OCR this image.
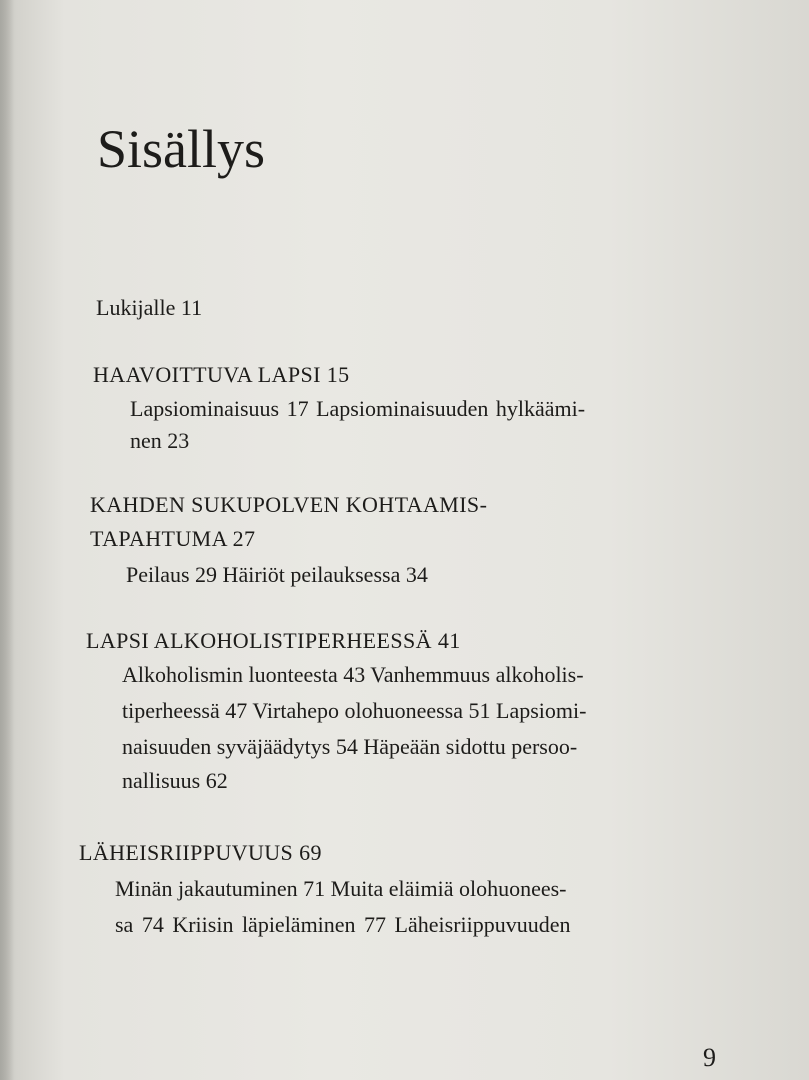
Sisällys
Lukijalle 11
HAAVOITTUVA LAPSI 15
Lapsiominaisuus 17 Lapsiominaisuuden hylkäämi-
nen 23
KAHDEN SUKUPOLVEN KOHTAAMIS-
TAPAHTUMA 27
Peilaus 29 Häiriöt peilauksessa 34
LAPSI ALKOHOLISTIPERHEESSÄ 41
Alkoholismin luonteesta 43 Vanhemmuus alkoholis-
tiperheessä 47 Virtahepo olohuoneessa 51 Lapsiomi-
naisuuden syväjäädytys 54 Häpeään sidottu persoo-
nallisuus 62
LÄHEISRIIPPUVUUS 69
Minän jakautuminen 71 Muita eläimiä olohuonees-
sa 74 Kriisin läpieläminen 77 Läheisriippuvuuden
9
